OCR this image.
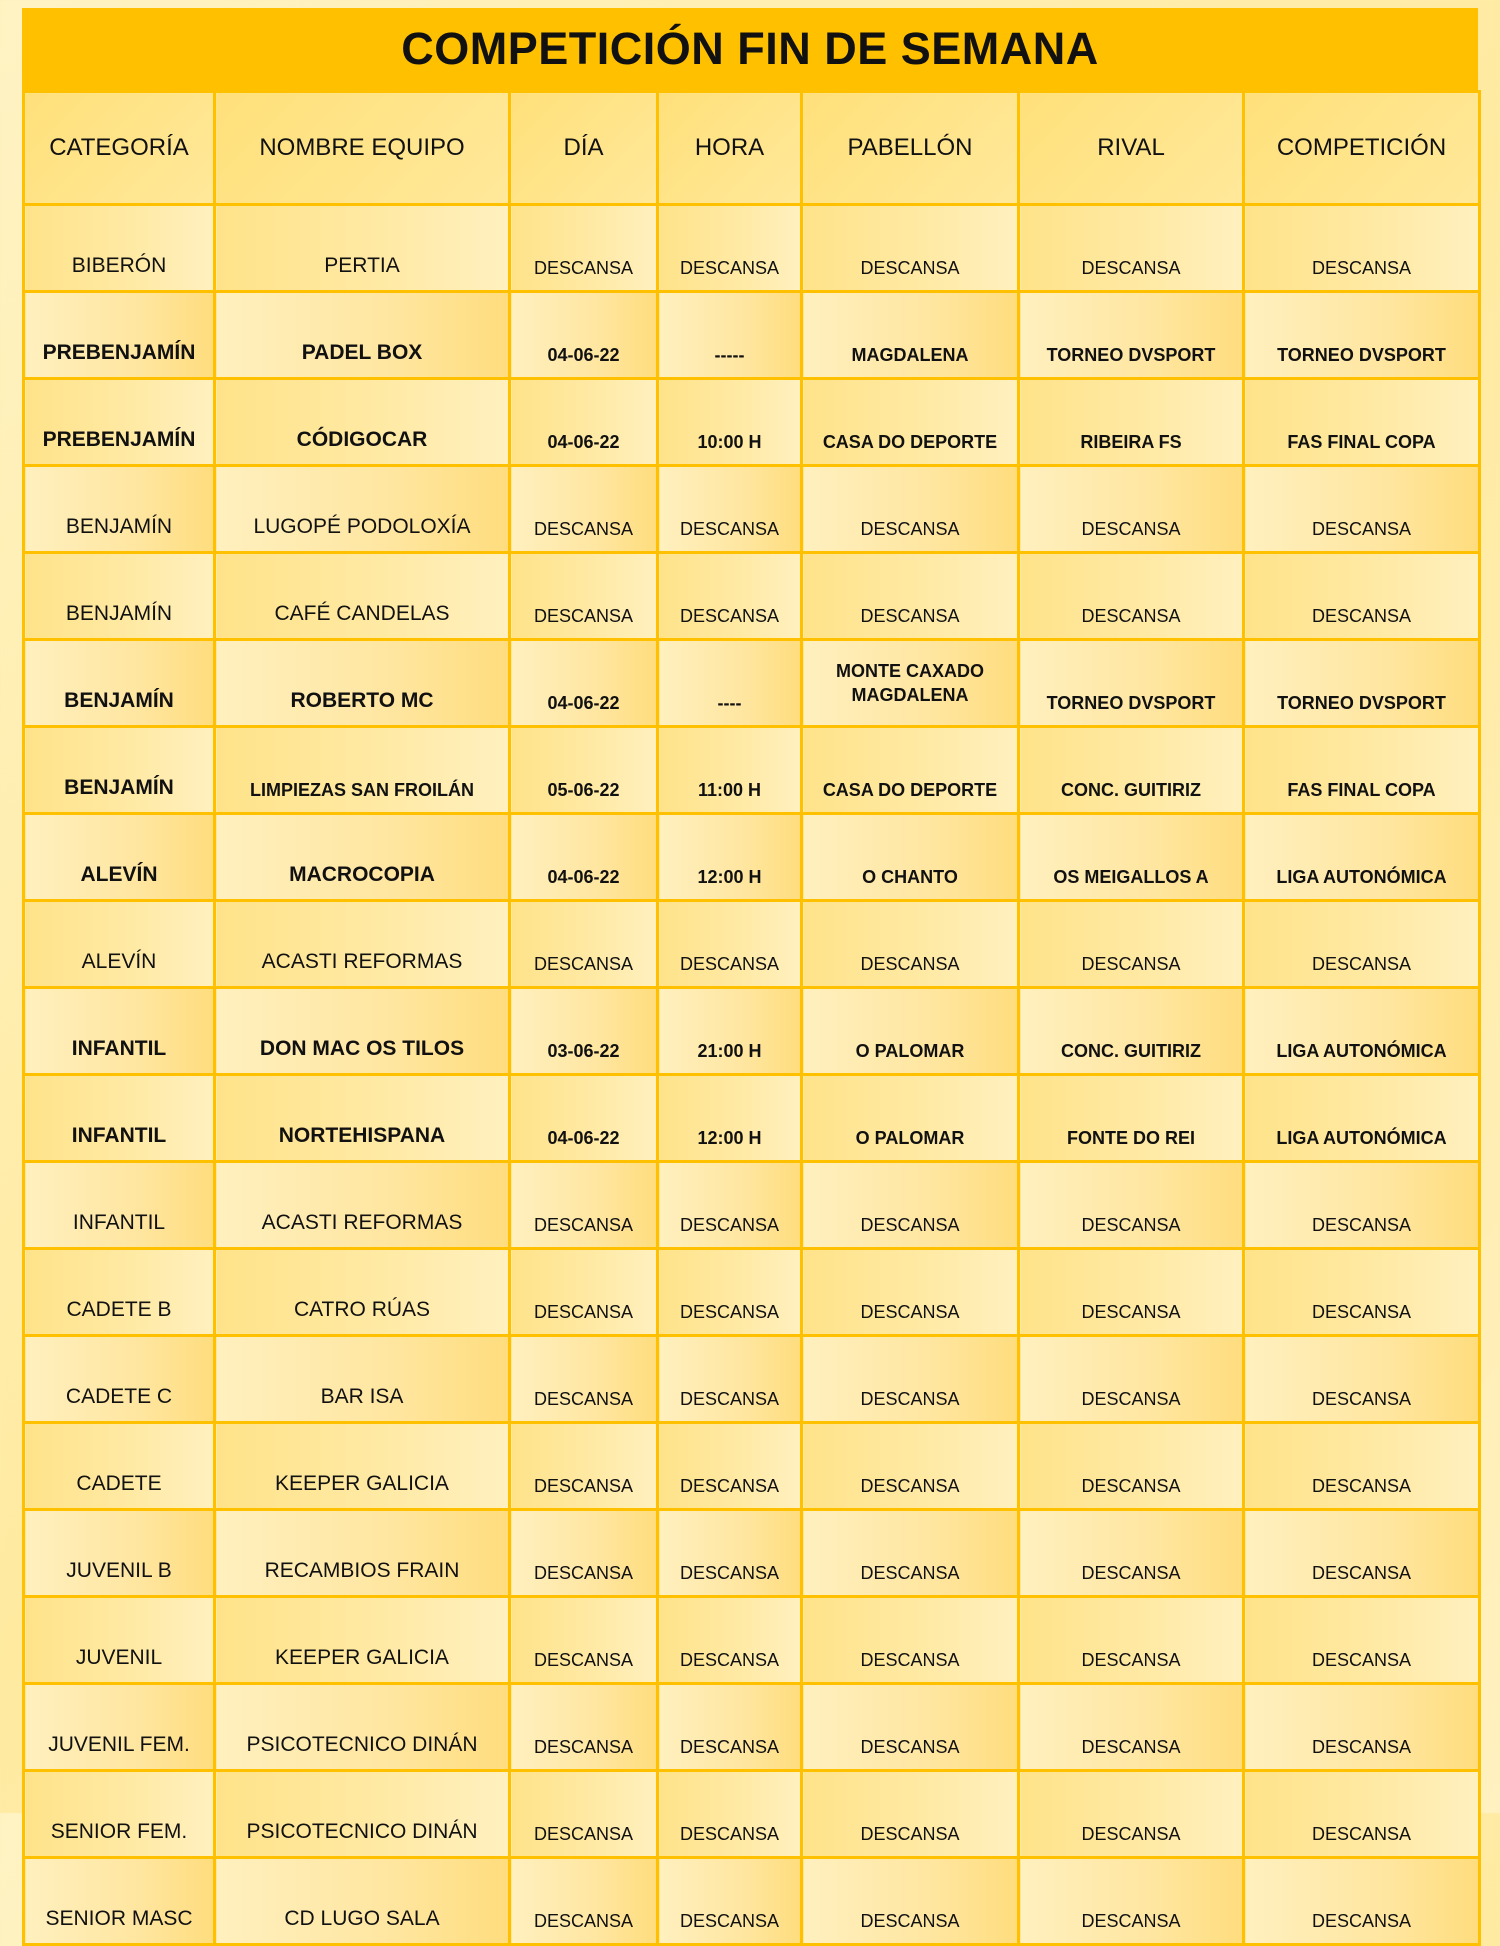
COMPETICIÓN FIN DE SEMANA
CATEGORÍA	NOMBRE EQUIPO	DÍA	HORA	PABELLÓN	RIVAL	COMPETICIÓN
BIBERÓN	PERTIA	DESCANSA	DESCANSA	DESCANSA	DESCANSA	DESCANSA
PREBENJAMÍN	PADEL BOX	04-06-22	-----	MAGDALENA	TORNEO DVSPORT	TORNEO DVSPORT
PREBENJAMÍN	CÓDIGOCAR	04-06-22	10:00 H	CASA DO DEPORTE	RIBEIRA FS	FAS FINAL COPA
BENJAMÍN	LUGOPÉ PODOLOXÍA	DESCANSA	DESCANSA	DESCANSA	DESCANSA	DESCANSA
BENJAMÍN	CAFÉ CANDELAS	DESCANSA	DESCANSA	DESCANSA	DESCANSA	DESCANSA
BENJAMÍN	ROBERTO MC	04-06-22	----	MONTE CAXADO MAGDALENA	TORNEO DVSPORT	TORNEO DVSPORT
BENJAMÍN	LIMPIEZAS SAN FROILÁN	05-06-22	11:00 H	CASA DO DEPORTE	CONC. GUITIRIZ	FAS FINAL COPA
ALEVÍN	MACROCOPIA	04-06-22	12:00 H	O CHANTO	OS MEIGALLOS A	LIGA AUTONÓMICA
ALEVÍN	ACASTI REFORMAS	DESCANSA	DESCANSA	DESCANSA	DESCANSA	DESCANSA
INFANTIL	DON MAC OS TILOS	03-06-22	21:00 H	O PALOMAR	CONC. GUITIRIZ	LIGA AUTONÓMICA
INFANTIL	NORTEHISPANA	04-06-22	12:00 H	O PALOMAR	FONTE DO REI	LIGA AUTONÓMICA
INFANTIL	ACASTI REFORMAS	DESCANSA	DESCANSA	DESCANSA	DESCANSA	DESCANSA
CADETE B	CATRO RÚAS	DESCANSA	DESCANSA	DESCANSA	DESCANSA	DESCANSA
CADETE C	BAR ISA	DESCANSA	DESCANSA	DESCANSA	DESCANSA	DESCANSA
CADETE	KEEPER GALICIA	DESCANSA	DESCANSA	DESCANSA	DESCANSA	DESCANSA
JUVENIL B	RECAMBIOS FRAIN	DESCANSA	DESCANSA	DESCANSA	DESCANSA	DESCANSA
JUVENIL	KEEPER GALICIA	DESCANSA	DESCANSA	DESCANSA	DESCANSA	DESCANSA
JUVENIL FEM.	PSICOTECNICO DINÁN	DESCANSA	DESCANSA	DESCANSA	DESCANSA	DESCANSA
SENIOR FEM.	PSICOTECNICO DINÁN	DESCANSA	DESCANSA	DESCANSA	DESCANSA	DESCANSA
SENIOR MASC	CD LUGO SALA	DESCANSA	DESCANSA	DESCANSA	DESCANSA	DESCANSA
